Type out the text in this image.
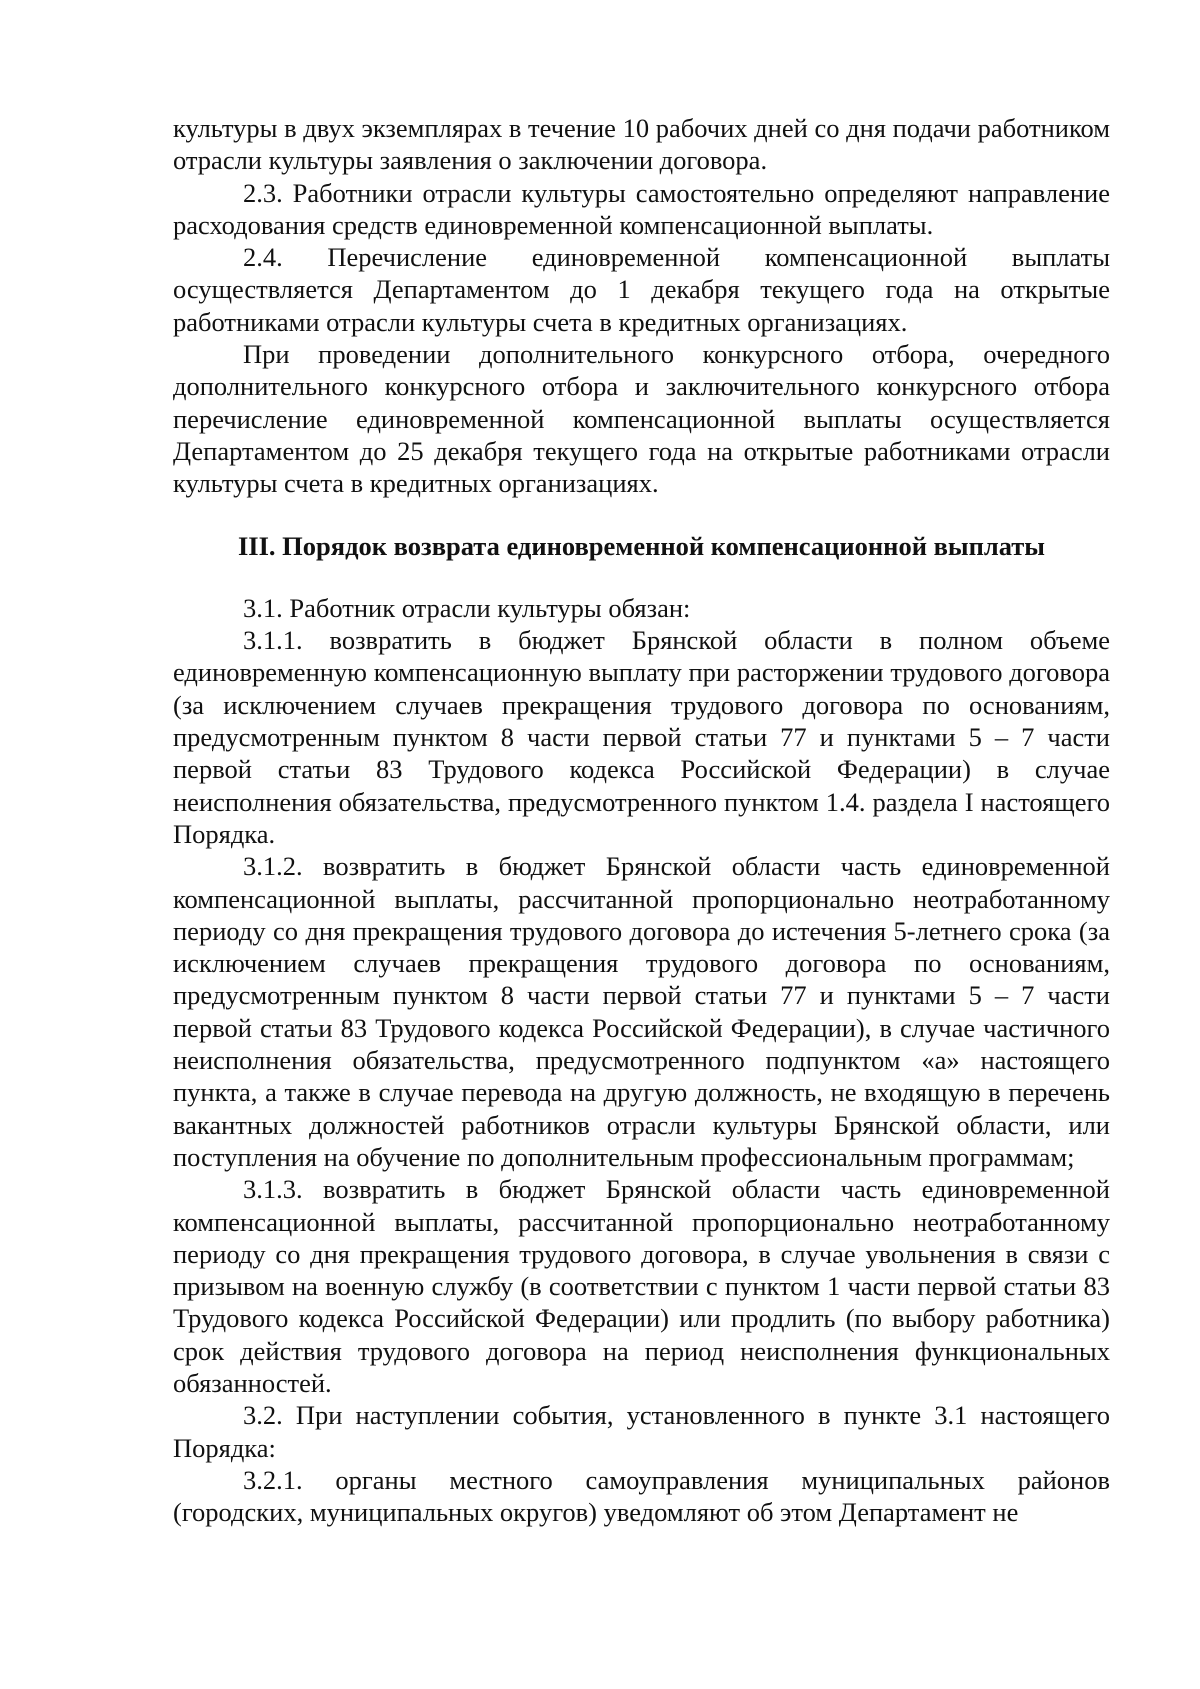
культуры в двух экземплярах в течение 10 рабочих дней со дня подачи работником отрасли культуры заявления о заключении договора.

2.3. Работники отрасли культуры самостоятельно определяют направление расходования средств единовременной компенсационной выплаты.

2.4. Перечисление единовременной компенсационной выплаты осуществляется Департаментом до 1 декабря текущего года на открытые работниками отрасли культуры счета в кредитных организациях.

При проведении дополнительного конкурсного отбора, очередного дополнительного конкурсного отбора и заключительного конкурсного отбора перечисление единовременной компенсационной выплаты осуществляется Департаментом до 25 декабря текущего года на открытые работниками отрасли культуры счета в кредитных организациях.

III. Порядок возврата единовременной компенсационной выплаты

3.1. Работник отрасли культуры обязан:

3.1.1. возвратить в бюджет Брянской области в полном объеме единовременную компенсационную выплату при расторжении трудового договора (за исключением случаев прекращения трудового договора по основаниям, предусмотренным пунктом 8 части первой статьи 77 и пунктами 5 – 7 части первой статьи 83 Трудового кодекса Российской Федерации) в случае неисполнения обязательства, предусмотренного пунктом 1.4. раздела I настоящего Порядка.

3.1.2. возвратить в бюджет Брянской области часть единовременной компенсационной выплаты, рассчитанной пропорционально неотработанному периоду со дня прекращения трудового договора до истечения 5-летнего срока (за исключением случаев прекращения трудового договора по основаниям, предусмотренным пунктом 8 части первой статьи 77 и пунктами 5 – 7 части первой статьи 83 Трудового кодекса Российской Федерации), в случае частичного неисполнения обязательства, предусмотренного подпунктом «а» настоящего пункта, а также в случае перевода на другую должность, не входящую в перечень вакантных должностей работников отрасли культуры Брянской области, или поступления на обучение по дополнительным профессиональным программам;

3.1.3. возвратить в бюджет Брянской области часть единовременной компенсационной выплаты, рассчитанной пропорционально неотработанному периоду со дня прекращения трудового договора, в случае увольнения в связи с призывом на военную службу (в соответствии с пунктом 1 части первой статьи 83 Трудового кодекса Российской Федерации) или продлить (по выбору работника) срок действия трудового договора на период неисполнения функциональных обязанностей.

3.2. При наступлении события, установленного в пункте 3.1 настоящего Порядка:

3.2.1. органы местного самоуправления муниципальных районов (городских, муниципальных округов) уведомляют об этом Департамент не
